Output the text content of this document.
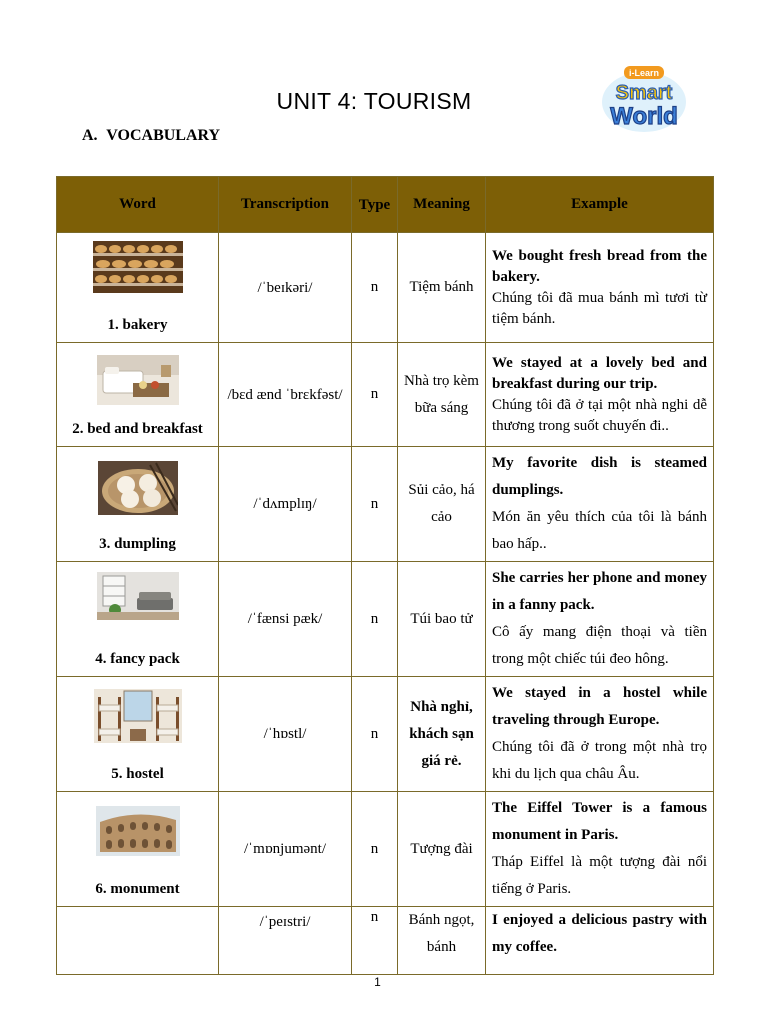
UNIT 4: TOURISM
i-Learn
Smart
World
A. VOCABULARY
Word	Transcription	Type	Meaning	Example

1. bakery	/ˈbeɪkəri/	n	Tiệm bánh	We bought fresh bread from the bakery.
Chúng tôi đã mua bánh mì tươi từ tiệm bánh.

2. bed and breakfast	/bɛd ænd ˈbrɛkfəst/	n	Nhà trọ kèm bữa sáng	We stayed at a lovely bed and breakfast during our trip.
Chúng tôi đã ở tại một nhà nghi dễ thương trong suốt chuyến đi..

3. dumpling	/ˈdʌmplɪŋ/	n	Sủi cảo, há cảo	My favorite dish is steamed dumplings.
Món ăn yêu thích của tôi là bánh bao hấp..

4. fancy pack	/ˈfænsi pæk/	n	Túi bao tử	She carries her phone and money in a fanny pack.
Cô ấy mang điện thoại và tiền trong một chiếc túi đeo hông.

5. hostel	/ˈhɒstl/	n	Nhà nghỉ, khách sạn giá rẻ.	We stayed in a hostel while traveling through Europe.
Chúng tôi đã ở trong một nhà trọ khi du lịch qua châu Âu.

6. monument	/ˈmɒnjumənt/	n	Tượng đài	The Eiffel Tower is a famous monument in Paris.
Tháp Eiffel là một tượng đài nổi tiếng ở Paris.

	/ˈpeɪstri/	n	Bánh ngọt, bánh	I enjoyed a delicious pastry with my coffee.
1
